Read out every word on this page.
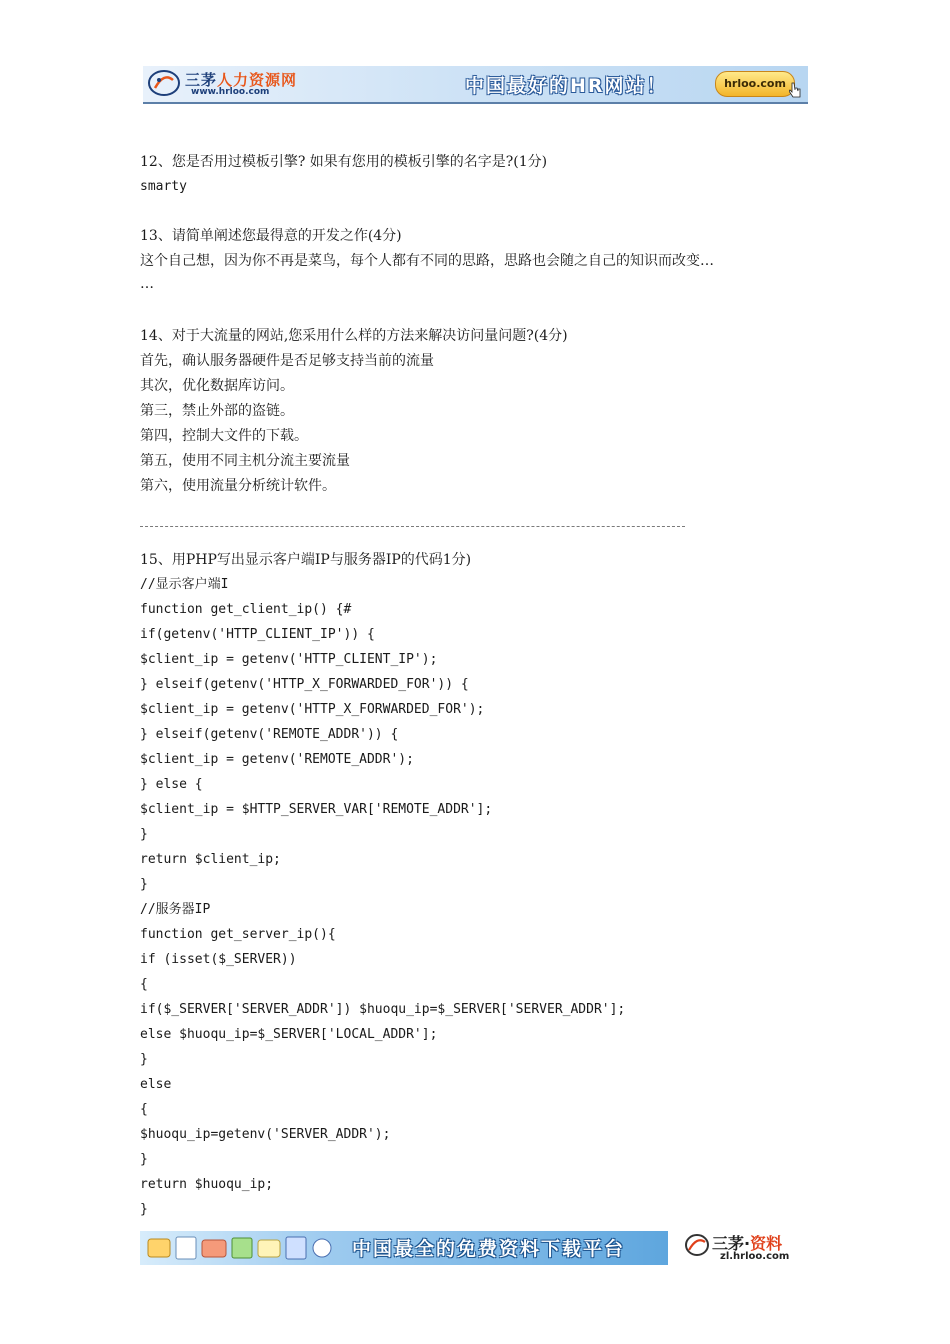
三茅人力资源网
www.hrloo.com	中国最好的HR网站！	hrloo.com
12、您是否用过模板引擎? 如果有您用的模板引擎的名字是?(1分)
smarty
13、请简单阐述您最得意的开发之作(4分)
这个自己想，因为你不再是菜鸟，每个人都有不同的思路，思路也会随之自己的知识而改变…
…
14、对于大流量的网站,您采用什么样的方法来解决访问量问题?(4分)
首先，确认服务器硬件是否足够支持当前的流量
其次，优化数据库访问。
第三，禁止外部的盗链。
第四，控制大文件的下载。
第五，使用不同主机分流主要流量
第六，使用流量分析统计软件。
15、用PHP写出显示客户端IP与服务器IP的代码1分)
//显示客户端I
function get_client_ip() {#
if(getenv('HTTP_CLIENT_IP')) {
$client_ip = getenv('HTTP_CLIENT_IP');
} elseif(getenv('HTTP_X_FORWARDED_FOR')) {
$client_ip = getenv('HTTP_X_FORWARDED_FOR');
} elseif(getenv('REMOTE_ADDR')) {
$client_ip = getenv('REMOTE_ADDR');
} else {
$client_ip = $HTTP_SERVER_VAR['REMOTE_ADDR'];
}
return $client_ip;
}
//服务器IP
function get_server_ip(){
if (isset($_SERVER))
{
if($_SERVER['SERVER_ADDR']) $huoqu_ip=$_SERVER['SERVER_ADDR'];
else $huoqu_ip=$_SERVER['LOCAL_ADDR'];
}
else
{
$huoqu_ip=getenv('SERVER_ADDR');
}
return $huoqu_ip;
}
中国最全的免费资料下载平台	三茅·资料
zl.hrloo.com
